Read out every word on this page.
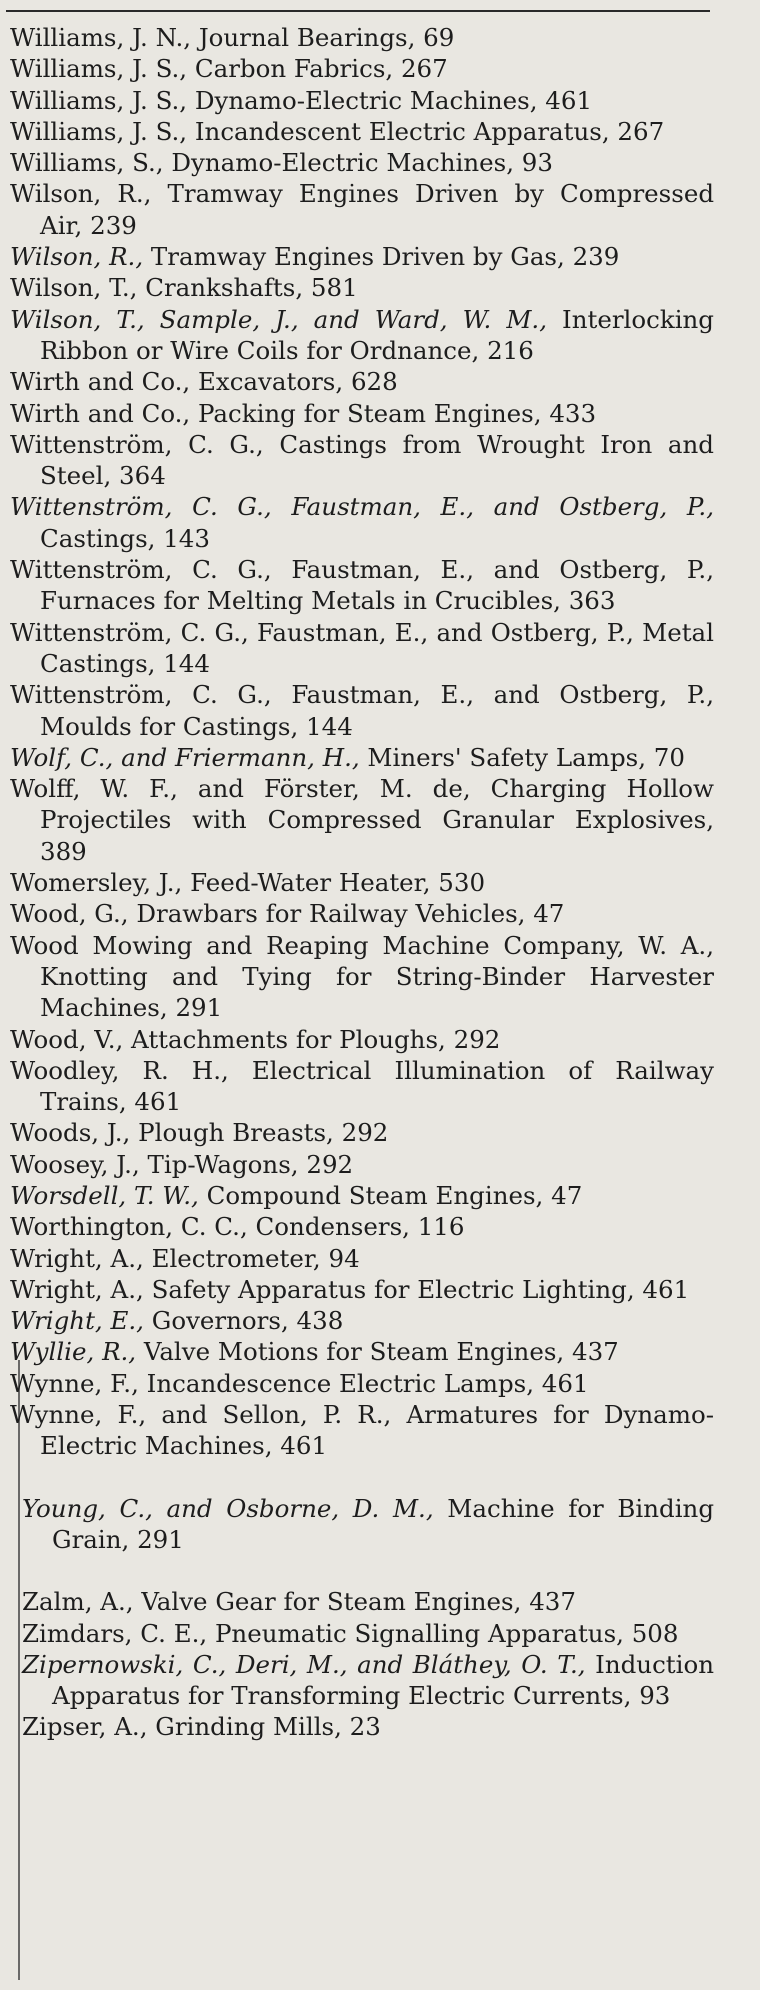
Williams, J. N., Journal Bearings, 69
Williams, J. S., Carbon Fabrics, 267
Williams, J. S., Dynamo-Electric Machines, 461
Williams, J. S., Incandescent Electric Apparatus, 267
Williams, S., Dynamo-Electric Machines, 93
Wilson, R., Tramway Engines Driven by Compressed Air, 239
Wilson, R., Tramway Engines Driven by Gas, 239
Wilson, T., Crankshafts, 581
Wilson, T., Sample, J., and Ward, W. M., Interlocking Ribbon or Wire Coils for Ordnance, 216
Wirth and Co., Excavators, 628
Wirth and Co., Packing for Steam Engines, 433
Wittenström, C. G., Castings from Wrought Iron and Steel, 364
Wittenström, C. G., Faustman, E., and Ostberg, P., Castings, 143
Wittenström, C. G., Faustman, E., and Ostberg, P., Furnaces for Melting Metals in Crucibles, 363
Wittenström, C. G., Faustman, E., and Ostberg, P., Metal Castings, 144
Wittenström, C. G., Faustman, E., and Ostberg, P., Moulds for Castings, 144
Wolf, C., and Friermann, H., Miners' Safety Lamps, 70
Wolff, W. F., and Förster, M. de, Charging Hollow Projectiles with Compressed Granular Explosives, 389
Womersley, J., Feed-Water Heater, 530
Wood, G., Drawbars for Railway Vehicles, 47
Wood Mowing and Reaping Machine Company, W. A., Knotting and Tying for String-Binder Harvester Machines, 291
Wood, V., Attachments for Ploughs, 292
Woodley, R. H., Electrical Illumination of Railway Trains, 461
Woods, J., Plough Breasts, 292
Woosey, J., Tip-Wagons, 292
Worsdell, T. W., Compound Steam Engines, 47
Worthington, C. C., Condensers, 116
Wright, A., Electrometer, 94
Wright, A., Safety Apparatus for Electric Lighting, 461
Wright, E., Governors, 438
Wyllie, R., Valve Motions for Steam Engines, 437
Wynne, F., Incandescence Electric Lamps, 461
Wynne, F., and Sellon, P. R., Armatures for Dynamo-Electric Machines, 461
Young, C., and Osborne, D. M., Machine for Binding Grain, 291
Zalm, A., Valve Gear for Steam Engines, 437
Zimdars, C. E., Pneumatic Signalling Apparatus, 508
Zipernowski, C., Deri, M., and Bláthey, O. T., Induction Apparatus for Transforming Electric Currents, 93
Zipser, A., Grinding Mills, 23
